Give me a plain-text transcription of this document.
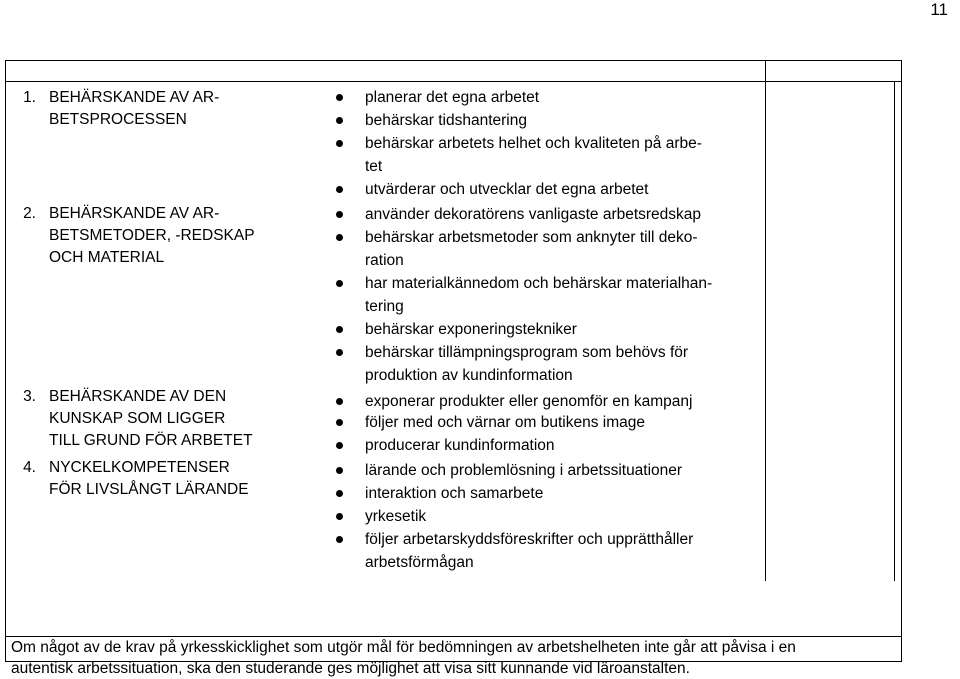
11
1. BEHÄRSKANDE AV AR-
BETSPROCESSEN
2. BEHÄRSKANDE AV AR-
BETSMETODER, -REDSKAP
OCH MATERIAL
3. BEHÄRSKANDE AV DEN
KUNSKAP SOM LIGGER
TILL GRUND FÖR ARBETET
4. NYCKELKOMPETENSER
FÖR LIVSLÅNGT LÄRANDE
planerar det egna arbetet
behärskar tidshantering
behärskar arbetets helhet och kvaliteten på arbe-
tet
utvärderar och utvecklar det egna arbetet
använder dekoratörens vanligaste arbetsredskap
behärskar arbetsmetoder som anknyter till deko-
ration
har materialkännedom och behärskar materialhan-
tering
behärskar exponeringstekniker
behärskar tillämpningsprogram som behövs för
produktion av kundinformation
exponerar produkter eller genomför en kampanj
följer med och värnar om butikens image
producerar kundinformation
lärande och problemlösning i arbetssituationer
interaktion och samarbete
yrkesetik
följer arbetarskyddsföreskrifter och upprätthåller
arbetsförmågan
Om något av de krav på yrkesskicklighet som utgör mål för bedömningen av arbetshelheten inte går att påvisa i en
autentisk arbetssituation, ska den studerande ges möjlighet att visa sitt kunnande vid läroanstalten.
